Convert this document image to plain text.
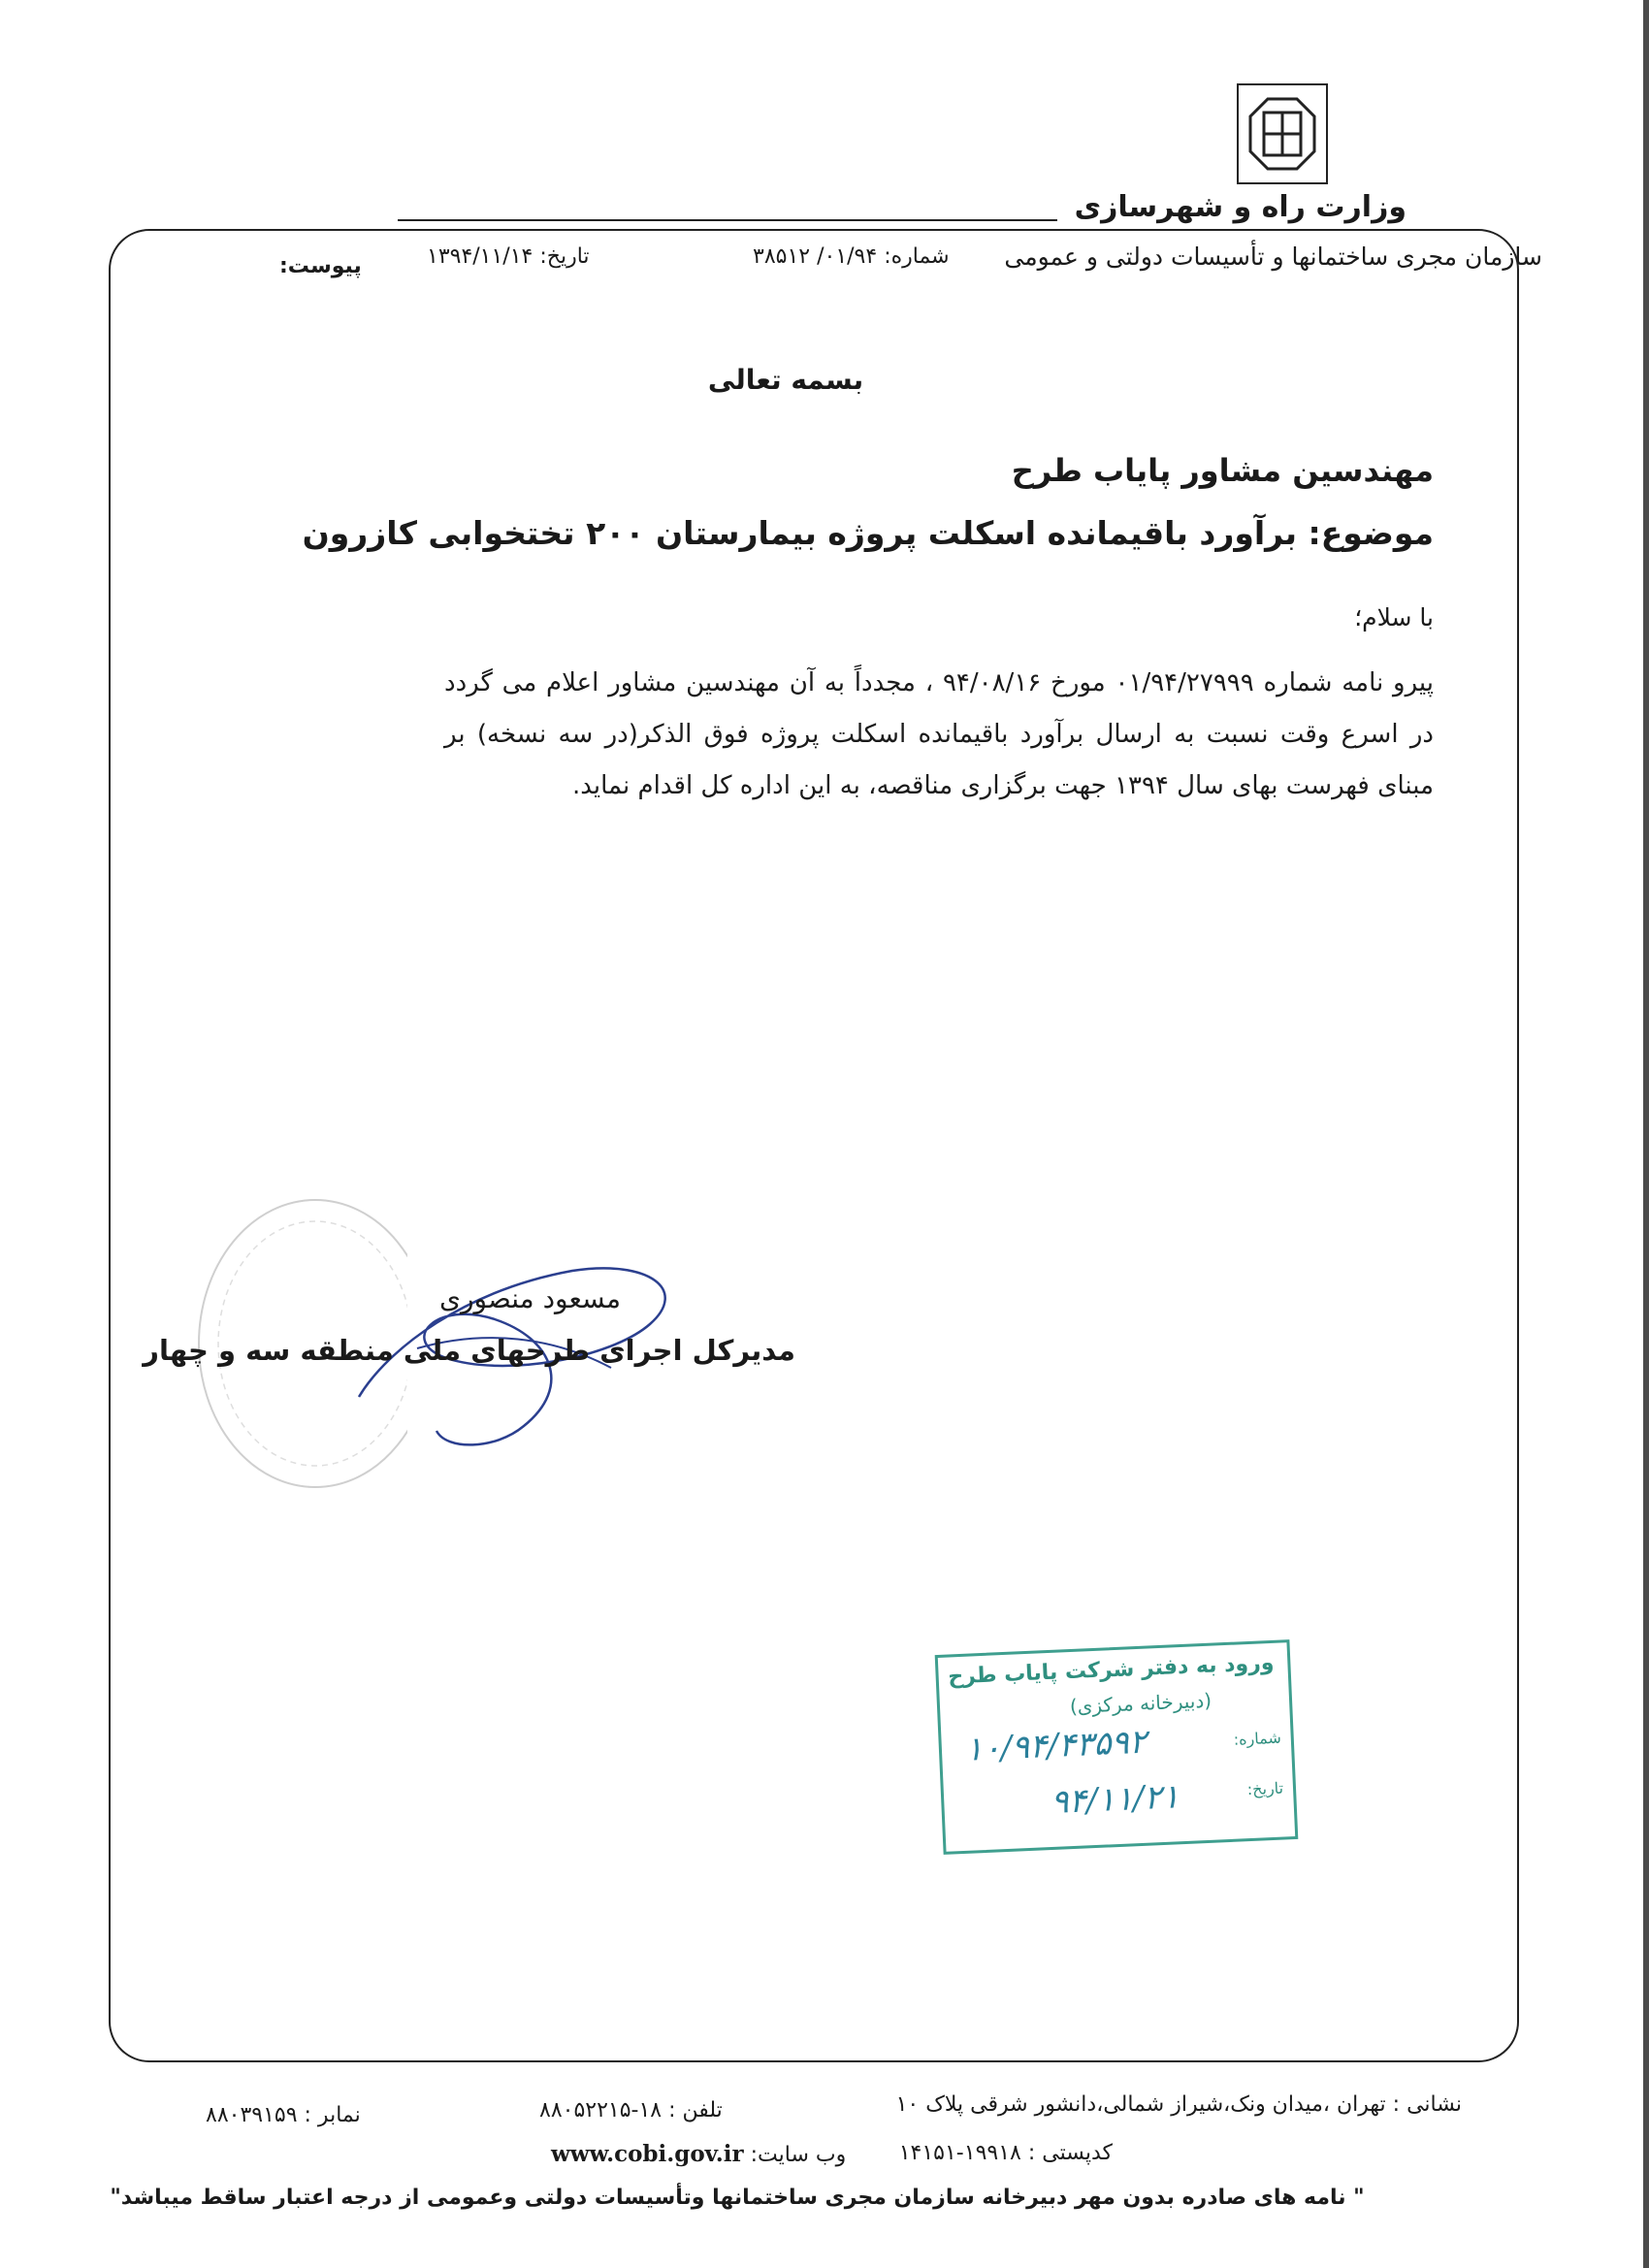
وزارت راه و شهرسازی
سازمان مجری ساختمانها و تأسیسات دولتی و عمومی
شماره: ۰۱/۹۴/ ۳۸۵۱۲
تاریخ: ۱۳۹۴/۱۱/۱۴
پیوست:
بسمه تعالی
مهندسین مشاور پایاب طرح
موضوع: برآورد باقیمانده اسکلت پروژه بیمارستان ۲۰۰ تختخوابی کازرون
با سلام؛
پیرو نامه شماره ۰۱/۹۴/۲۷۹۹۹ مورخ ۹۴/۰۸/۱۶ ، مجدداً به آن مهندسین مشاور اعلام می گردد در اسرع وقت نسبت به ارسال برآورد باقیمانده اسکلت پروژه فوق الذکر(در سه نسخه) بر مبنای فهرست بهای سال ۱۳۹۴ جهت برگزاری مناقصه، به این اداره کل اقدام نماید.
مسعود منصوری
مدیرکل اجرای طرحهای ملی منطقه سه و چهار
ورود به دفتر شرکت پایاب طرح
(دبیرخانه مرکزی)
شماره:
۱۰/۹۴/۴۳۵۹۲
تاریخ:
۹۴/۱۱/۲۱
نشانی : تهران ،میدان ونک،شیراز شمالی،دانشور شرقی پلاک ۱۰
تلفن : ۱۸-۸۸۰۵۲۲۱۵
نمابر : ۸۸۰۳۹۱۵۹
کدپستی : ۱۹۹۱۸-۱۴۱۵۱
وب سایت: www.cobi.gov.ir
" نامه های صادره بدون مهر دبیرخانه سازمان مجری ساختمانها وتأسیسات دولتی وعمومی از درجه اعتبار ساقط میباشد"
